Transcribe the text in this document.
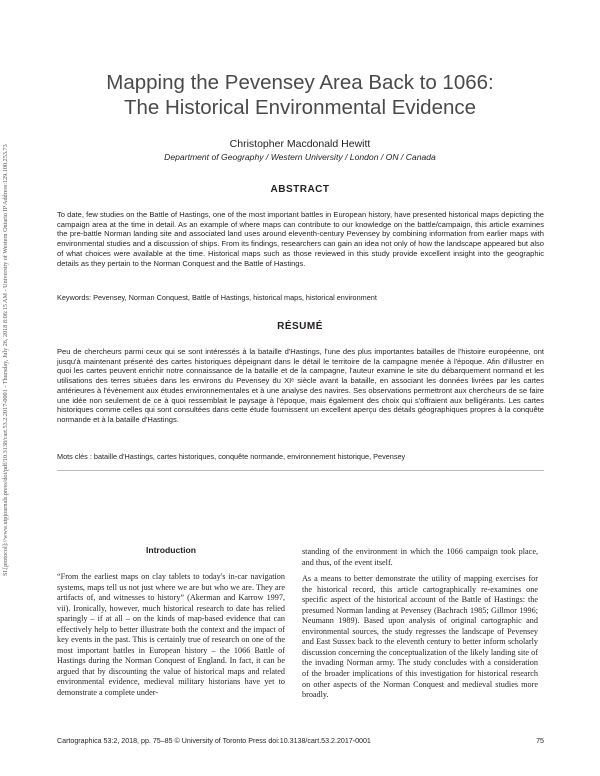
SI.[protocol]://www.utpjournals.press/doi/pdf/10.3138/cart.53.2.2017-0001 - Thursday, July 26, 2018 8:06:15 AM - University of Western Ontario IP Address:129.100.253.73
Mapping the Pevensey Area Back to 1066:
The Historical Environmental Evidence

Christopher Macdonald Hewitt

Department of Geography / Western University / London / ON / Canada

ABSTRACT

To date, few studies on the Battle of Hastings, one of the most important battles in European history, have presented historical maps depicting the campaign area at the time in detail. As an example of where maps can contribute to our knowledge on the battle/campaign, this article examines the pre-battle Norman landing site and associated land uses around eleventh-century Pevensey by combining information from earlier maps with environmental studies and a discussion of ships. From its findings, researchers can gain an idea not only of how the landscape appeared but also of what choices were available at the time. Historical maps such as those reviewed in this study provide excellent insight into the geographic details as they pertain to the Norman Conquest and the Battle of Hastings.

Keywords: Pevensey, Norman Conquest, Battle of Hastings, historical maps, historical environment

RÉSUMÉ

Peu de chercheurs parmi ceux qui se sont intéressés à la bataille d'Hastings, l'une des plus importantes batailles de l'histoire européenne, ont jusqu'à maintenant présenté des cartes historiques dépeignant dans le détail le territoire de la campagne menée à l'époque. Afin d'illustrer en quoi les cartes peuvent enrichir notre connaissance de la bataille et de la campagne, l'auteur examine le site du débarquement normand et les utilisations des terres situées dans les environs du Pevensey du XIᵉ siècle avant la bataille, en associant les données livrées par les cartes antérieures à l'évènement aux études environnementales et à une analyse des navires. Ses observations permettront aux chercheurs de se faire une idée non seulement de ce à quoi ressemblait le paysage à l'époque, mais également des choix qui s'offraient aux belligérants. Les cartes historiques comme celles qui sont consultées dans cette étude fournissent un excellent aperçu des détails géographiques propres à la conquête normande et à la bataille d'Hastings.

Mots clés : bataille d'Hastings, cartes historiques, conquête normande, environnement historique, Pevensey

Introduction

“From the earliest maps on clay tablets to today's in-car navigation systems, maps tell us not just where we are but who we are. They are artifacts of, and witnesses to history” (Akerman and Karrow 1997, vii). Ironically, however, much historical research to date has relied sparingly – if at all – on the kinds of map-based evidence that can effectively help to better illustrate both the context and the impact of key events in the past. This is certainly true of research on one of the most important battles in European history – the 1066 Battle of Hastings during the Norman Conquest of England. In fact, it can be argued that by discounting the value of historical maps and related environmental evidence, medieval military historians have yet to demonstrate a complete under-

standing of the environment in which the 1066 campaign took place, and thus, of the event itself.

As a means to better demonstrate the utility of mapping exercises for the historical record, this article cartographically re-examines one specific aspect of the historical account of the Battle of Hastings: the presumed Norman landing at Pevensey (Bachrach 1985; Gillmor 1996; Neumann 1989). Based upon analysis of original cartographic and environmental sources, the study regresses the landscape of Pevensey and East Sussex back to the eleventh century to better inform scholarly discussion concerning the conceptualization of the likely landing site of the invading Norman army. The study concludes with a consideration of the broader implications of this investigation for historical research on other aspects of the Norman Conquest and medieval studies more broadly.

Cartographica 53:2, 2018, pp. 75–85 © University of Toronto Press doi:10.3138/cart.53.2.2017-0001	75
